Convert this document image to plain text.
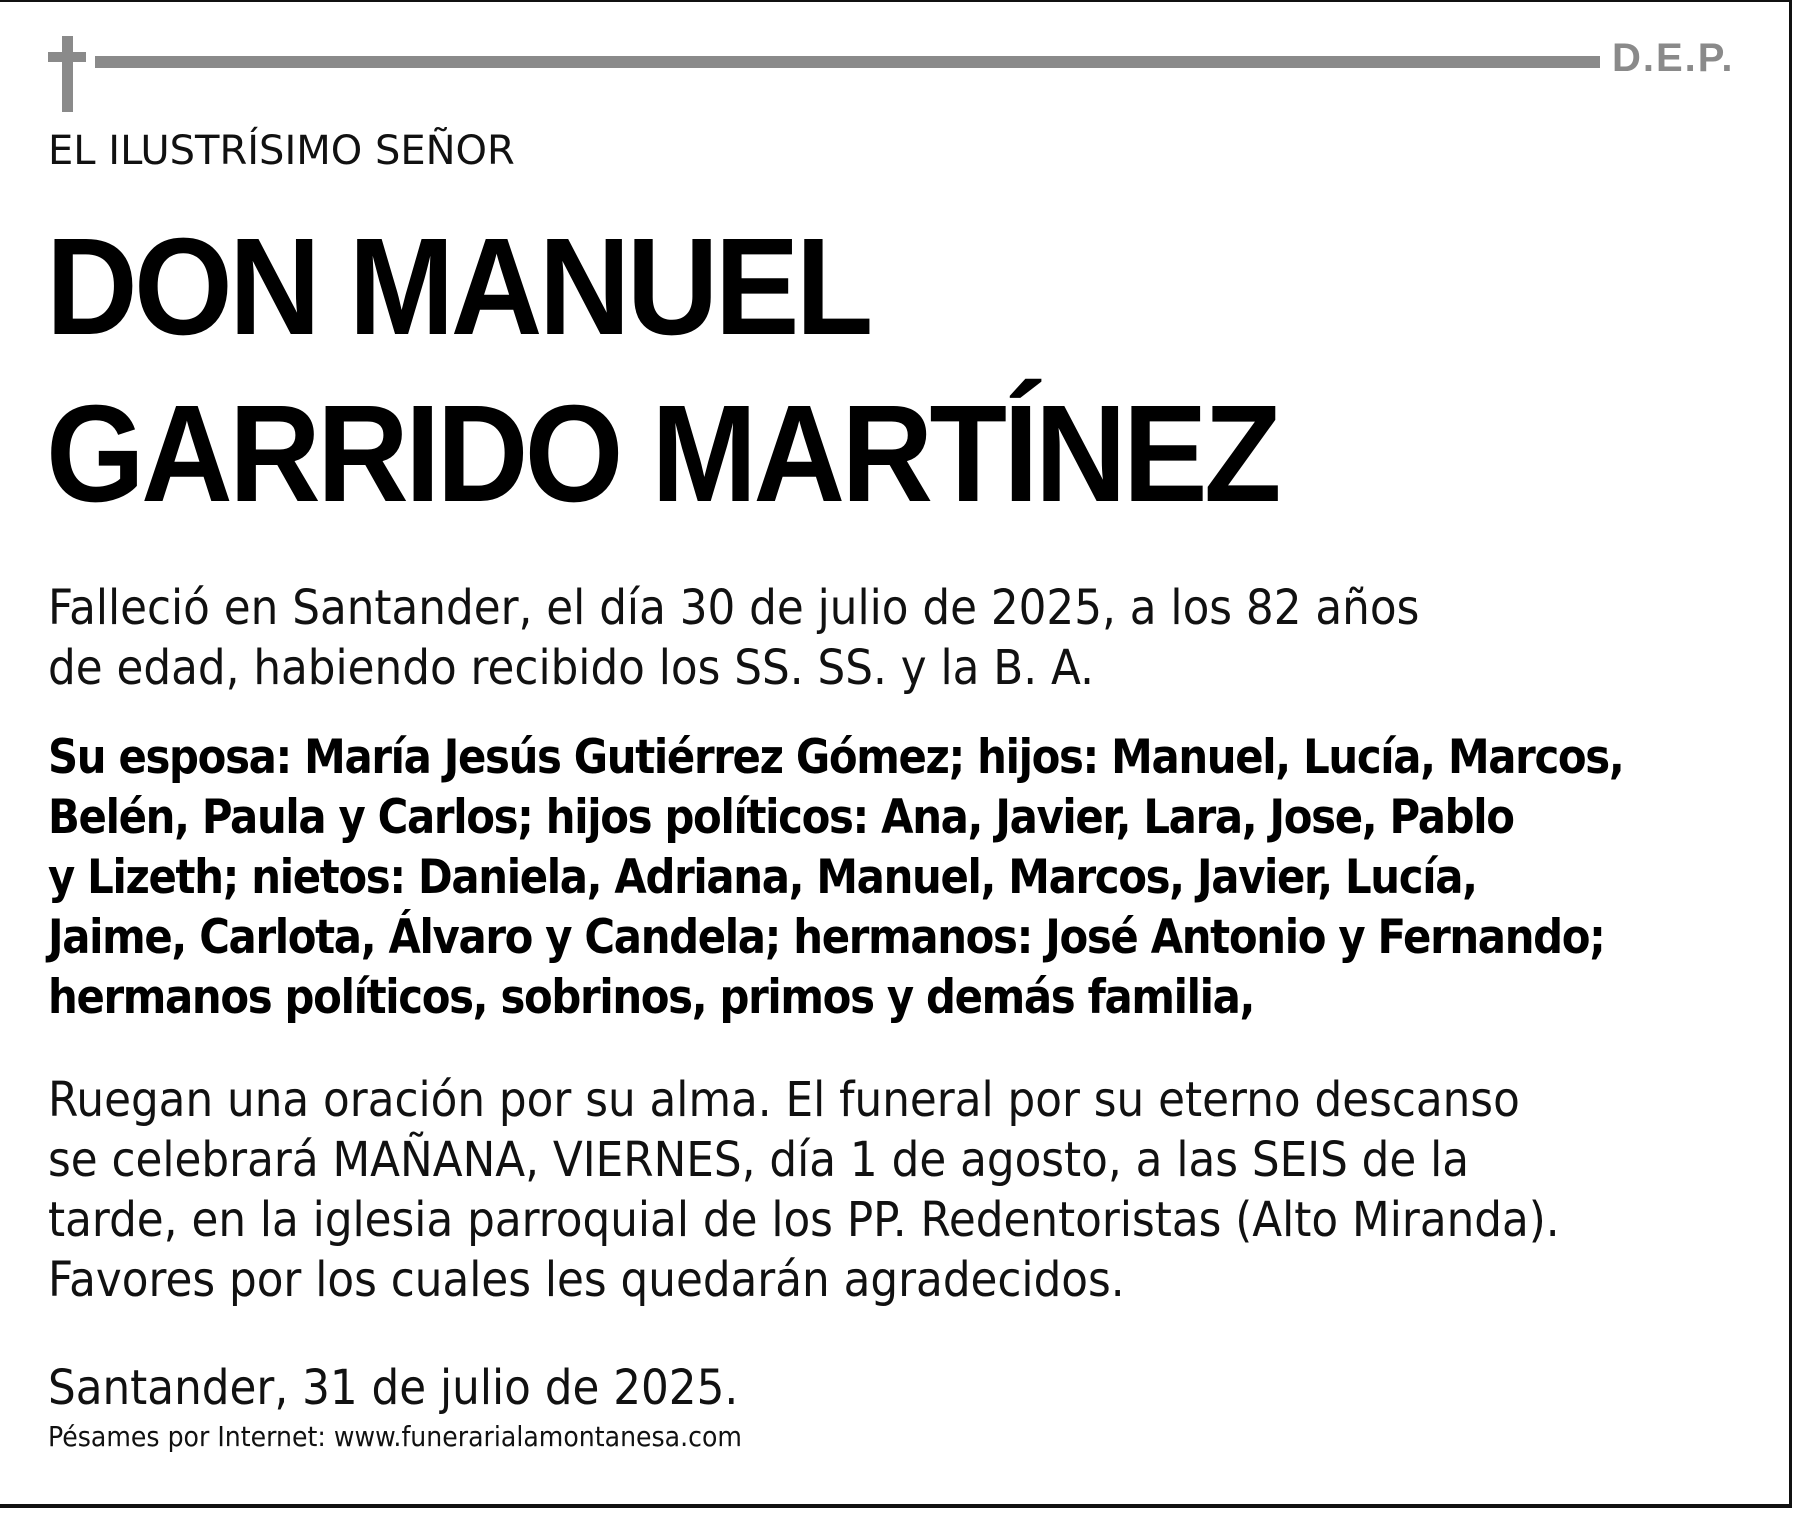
D.E.P.
EL ILUSTRÍSIMO SEÑOR
DON MANUEL
GARRIDO MARTÍNEZ
Falleció en Santander, el día 30 de julio de 2025, a los 82 años
de edad, habiendo recibido los SS. SS. y la B. A.
Su esposa: María Jesús Gutiérrez Gómez; hijos: Manuel, Lucía, Marcos,
Belén, Paula y Carlos; hijos políticos: Ana, Javier, Lara, Jose, Pablo
y Lizeth; nietos: Daniela, Adriana, Manuel, Marcos, Javier, Lucía,
Jaime, Carlota, Álvaro y Candela; hermanos: José Antonio y Fernando;
hermanos políticos, sobrinos, primos y demás familia,
Ruegan una oración por su alma. El funeral por su eterno descanso
se celebrará MAÑANA, VIERNES, día 1 de agosto, a las SEIS de la
tarde, en la iglesia parroquial de los PP. Redentoristas (Alto Miranda).
Favores por los cuales les quedarán agradecidos.
Santander, 31 de julio de 2025.
Pésames por Internet: www.funerarialamontanesa.com
